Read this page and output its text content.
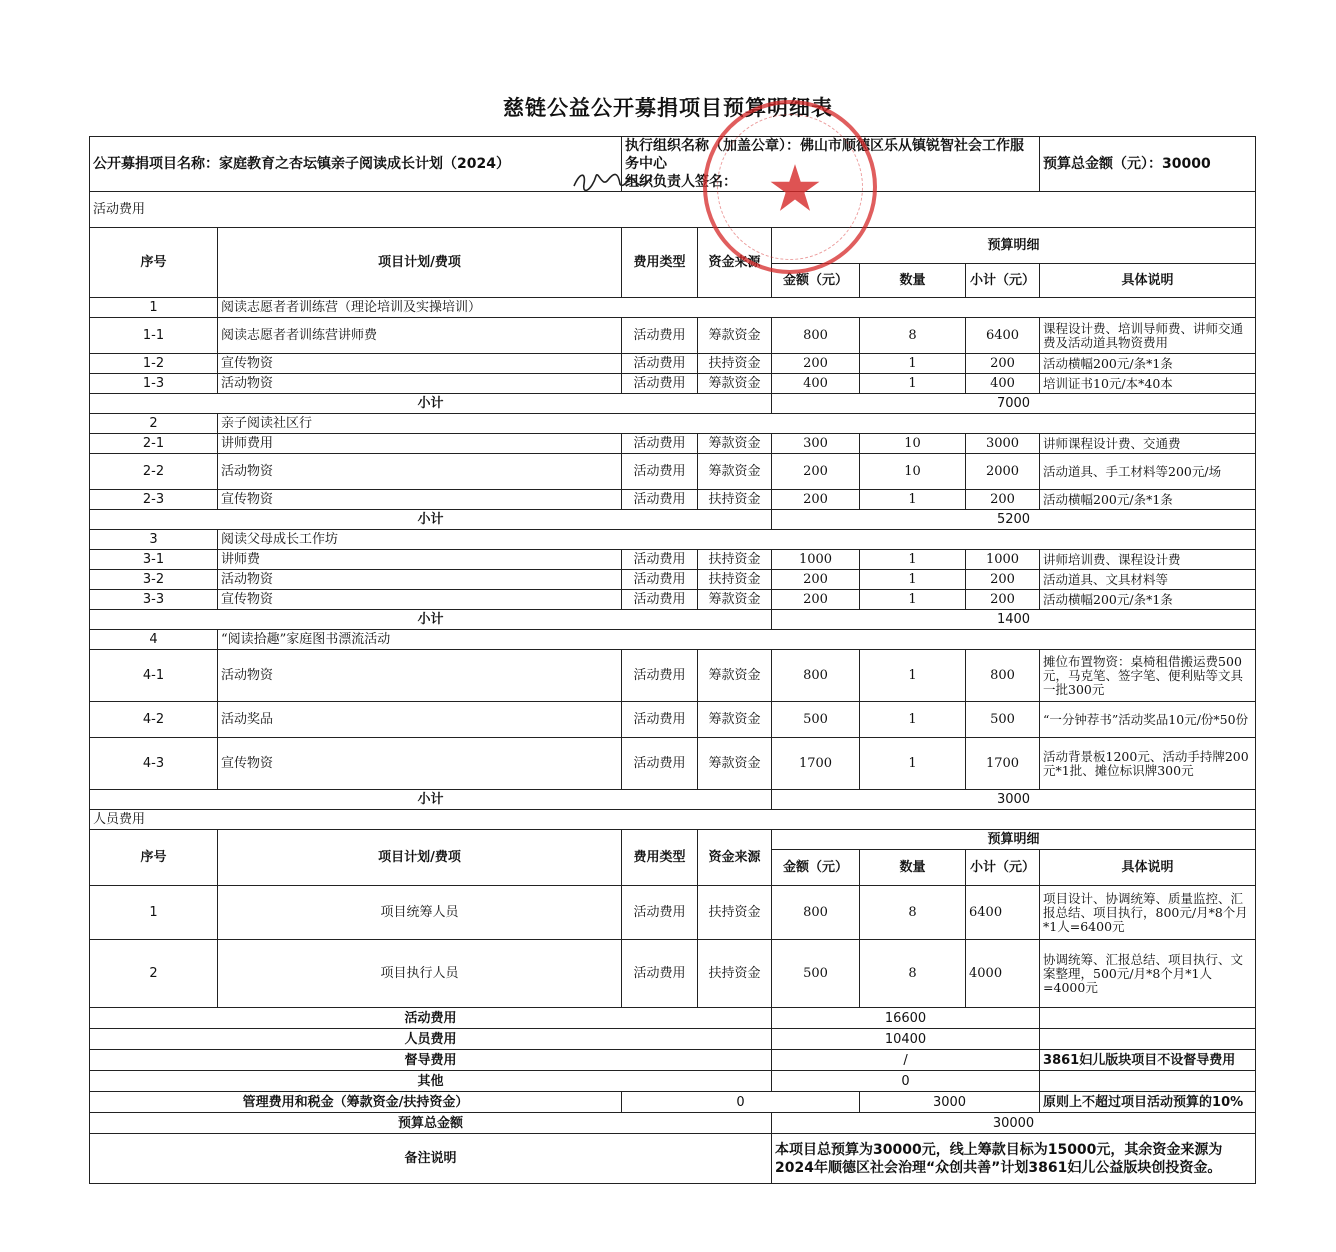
慈链公益公开募捐项目预算明细表
公开募捐项目名称：家庭教育之杏坛镇亲子阅读成长计划（2024）		执行组织名称（加盖公章）：佛山市顺德区乐从镇锐智社会工作服务中心
组织负责人签名：					预算总金额（元）：30000
活动费用							
序号	项目计划/费项	费用类型	资金来源	预算明细			
				金额（元）	数量	小计（元）	具体说明
1	阅读志愿者者训练营（理论培训及实操培训）						
1-1	阅读志愿者者训练营讲师费	活动费用	筹款资金	800	8	6400	课程设计费、培训导师费、讲师交通费及活动道具物资费用
1-2	宣传物资	活动费用	扶持资金	200	1	200	活动横幅200元/条*1条
1-3	活动物资	活动费用	筹款资金	400	1	400	培训证书10元/本*40本
小计				7000			
2	亲子阅读社区行						
2-1	讲师费用	活动费用	筹款资金	300	10	3000	讲师课程设计费、交通费
2-2	活动物资	活动费用	筹款资金	200	10	2000	活动道具、手工材料等200元/场
2-3	宣传物资	活动费用	扶持资金	200	1	200	活动横幅200元/条*1条
小计				5200			
3	阅读父母成长工作坊						
3-1	讲师费	活动费用	扶持资金	1000	1	1000	讲师培训费、课程设计费
3-2	活动物资	活动费用	扶持资金	200	1	200	活动道具、文具材料等
3-3	宣传物资	活动费用	筹款资金	200	1	200	活动横幅200元/条*1条
小计				1400			
4	“阅读拾趣”家庭图书漂流活动						
4-1	活动物资	活动费用	筹款资金	800	1	800	摊位布置物资：桌椅租借搬运费500元，马克笔、签字笔、便利贴等文具一批300元
4-2	活动奖品	活动费用	筹款资金	500	1	500	“一分钟荐书”活动奖品10元/份*50份
4-3	宣传物资	活动费用	筹款资金	1700	1	1700	活动背景板1200元、活动手持牌200元*1批、摊位标识牌300元
小计				3000			
人员费用							
序号	项目计划/费项	费用类型	资金来源	预算明细			
				金额（元）	数量	小计（元）	具体说明
1	项目统筹人员	活动费用	扶持资金	800	8	6400	项目设计、协调统筹、质量监控、汇报总结、项目执行，800元/月*8个月*1人=6400元
2	项目执行人员	活动费用	扶持资金	500	8	4000	协调统筹、汇报总结、项目执行、文案整理，500元/月*8个月*1人=4000元
活动费用				16600			
人员费用				10400			
督导费用				/			3861妇儿版块项目不设督导费用
其他				0			
管理费用和税金（筹款资金/扶持资金）		0			3000		原则上不超过项目活动预算的10%
预算总金额				30000			
备注说明				本项目总预算为30000元，线上筹款目标为15000元，其余资金来源为2024年顺德区社会治理“众创共善”计划3861妇儿公益版块创投资金。			
